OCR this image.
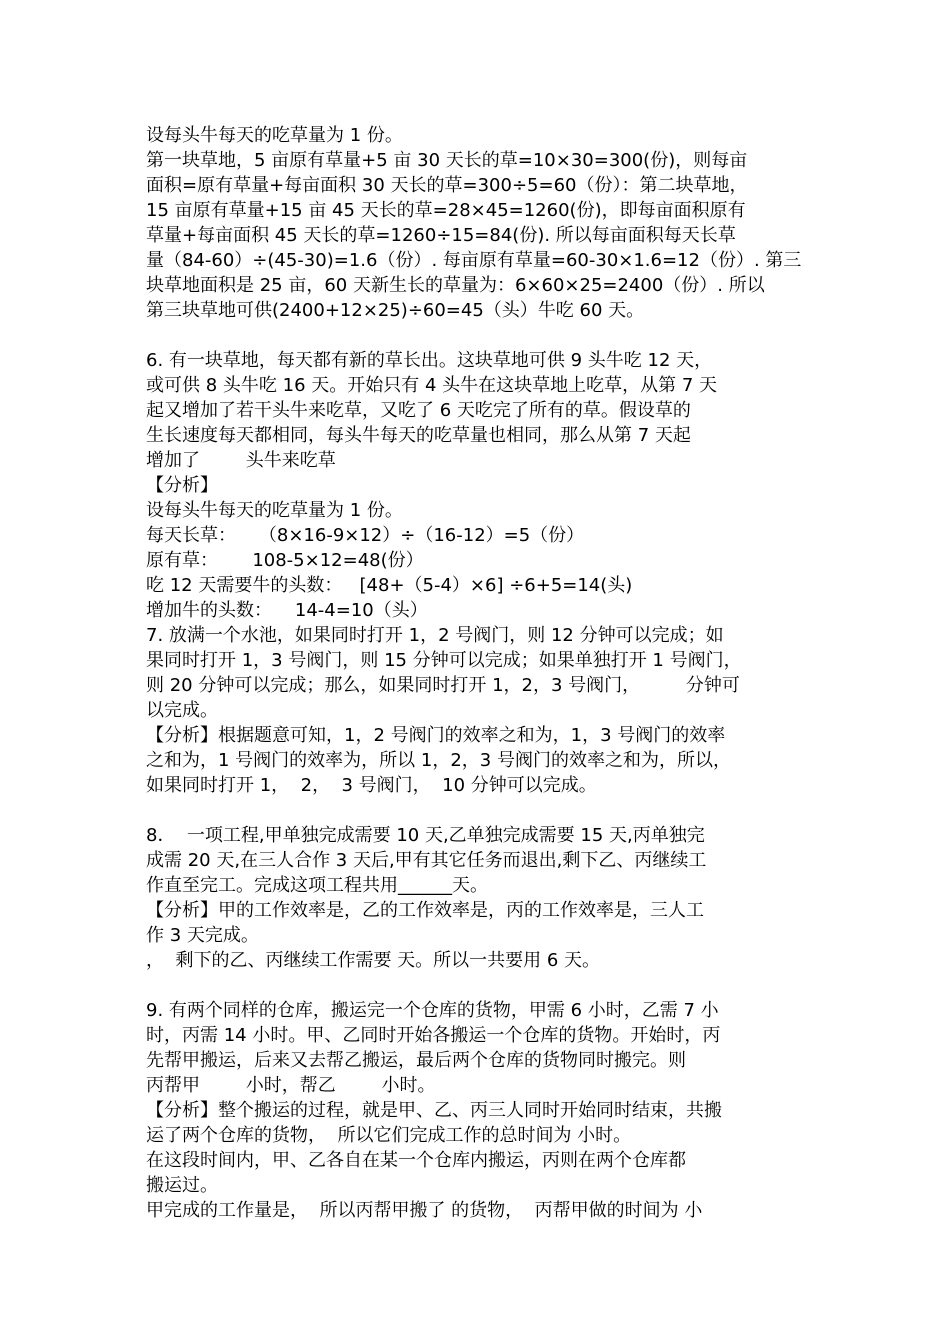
设每头牛每天的吃草量为 1 份。
第一块草地，5 亩原有草量+5 亩 30 天长的草=10×30=300(份)，则每亩
面积=原有草量+每亩面积 30 天长的草=300÷5=60（份）：第二块草地，
15 亩原有草量+15 亩 45 天长的草=28×45=1260(份)，即每亩面积原有
草量+每亩面积 45 天长的草=1260÷15=84(份). 所以每亩面积每天长草
量（84-60）÷(45-30)=1.6（份）. 每亩原有草量=60-30×1.6=12（份）. 第三
块草地面积是 25 亩，60 天新生长的草量为：6×60×25=2400（份）. 所以
第三块草地可供(2400+12×25)÷60=45（头）牛吃 60 天。
6. 有一块草地，每天都有新的草长出。这块草地可供 9 头牛吃 12 天，
或可供 8 头牛吃 16 天。开始只有 4 头牛在这块草地上吃草，从第 7 天
起又增加了若干头牛来吃草，又吃了 6 天吃完了所有的草。假设草的
生长速度每天都相同，每头牛每天的吃草量也相同，那么从第 7 天起
增加了        头牛来吃草
【分析】
设每头牛每天的吃草量为 1 份。
每天长草：    （8×16-9×12）÷（16-12）=5（份）
原有草：      108-5×12=48(份）
吃 12 天需要牛的头数：   [48+（5-4）×6] ÷6+5=14(头)
增加牛的头数：    14-4=10（头）
7. 放满一个水池，如果同时打开 1，2 号阀门，则 12 分钟可以完成；如
果同时打开 1，3 号阀门，则 15 分钟可以完成；如果单独打开 1 号阀门，
则 20 分钟可以完成；那么，如果同时打开 1，2，3 号阀门，        分钟可
以完成。
【分析】根据题意可知，1，2 号阀门的效率之和为，1，3 号阀门的效率
之和为，1 号阀门的效率为，所以 1，2，3 号阀门的效率之和为，所以，
如果同时打开 1，  2，  3 号阀门，  10 分钟可以完成。
8．  一项工程,甲单独完成需要 10 天,乙单独完成需要 15 天,丙单独完
成需 20 天,在三人合作 3 天后,甲有其它任务而退出,剩下乙、丙继续工
作直至完工。完成这项工程共用______天。
【分析】甲的工作效率是，乙的工作效率是，丙的工作效率是，三人工
作 3 天完成。
，  剩下的乙、丙继续工作需要 天。所以一共要用 6 天。
9. 有两个同样的仓库，搬运完一个仓库的货物，甲需 6 小时，乙需 7 小
时，丙需 14 小时。甲、乙同时开始各搬运一个仓库的货物。开始时，丙
先帮甲搬运，后来又去帮乙搬运，最后两个仓库的货物同时搬完。则
丙帮甲        小时，帮乙        小时。
【分析】整个搬运的过程，就是甲、乙、丙三人同时开始同时结束，共搬
运了两个仓库的货物，  所以它们完成工作的总时间为 小时。
在这段时间内，甲、乙各自在某一个仓库内搬运，丙则在两个仓库都
搬运过。
甲完成的工作量是，  所以丙帮甲搬了 的货物，  丙帮甲做的时间为 小
